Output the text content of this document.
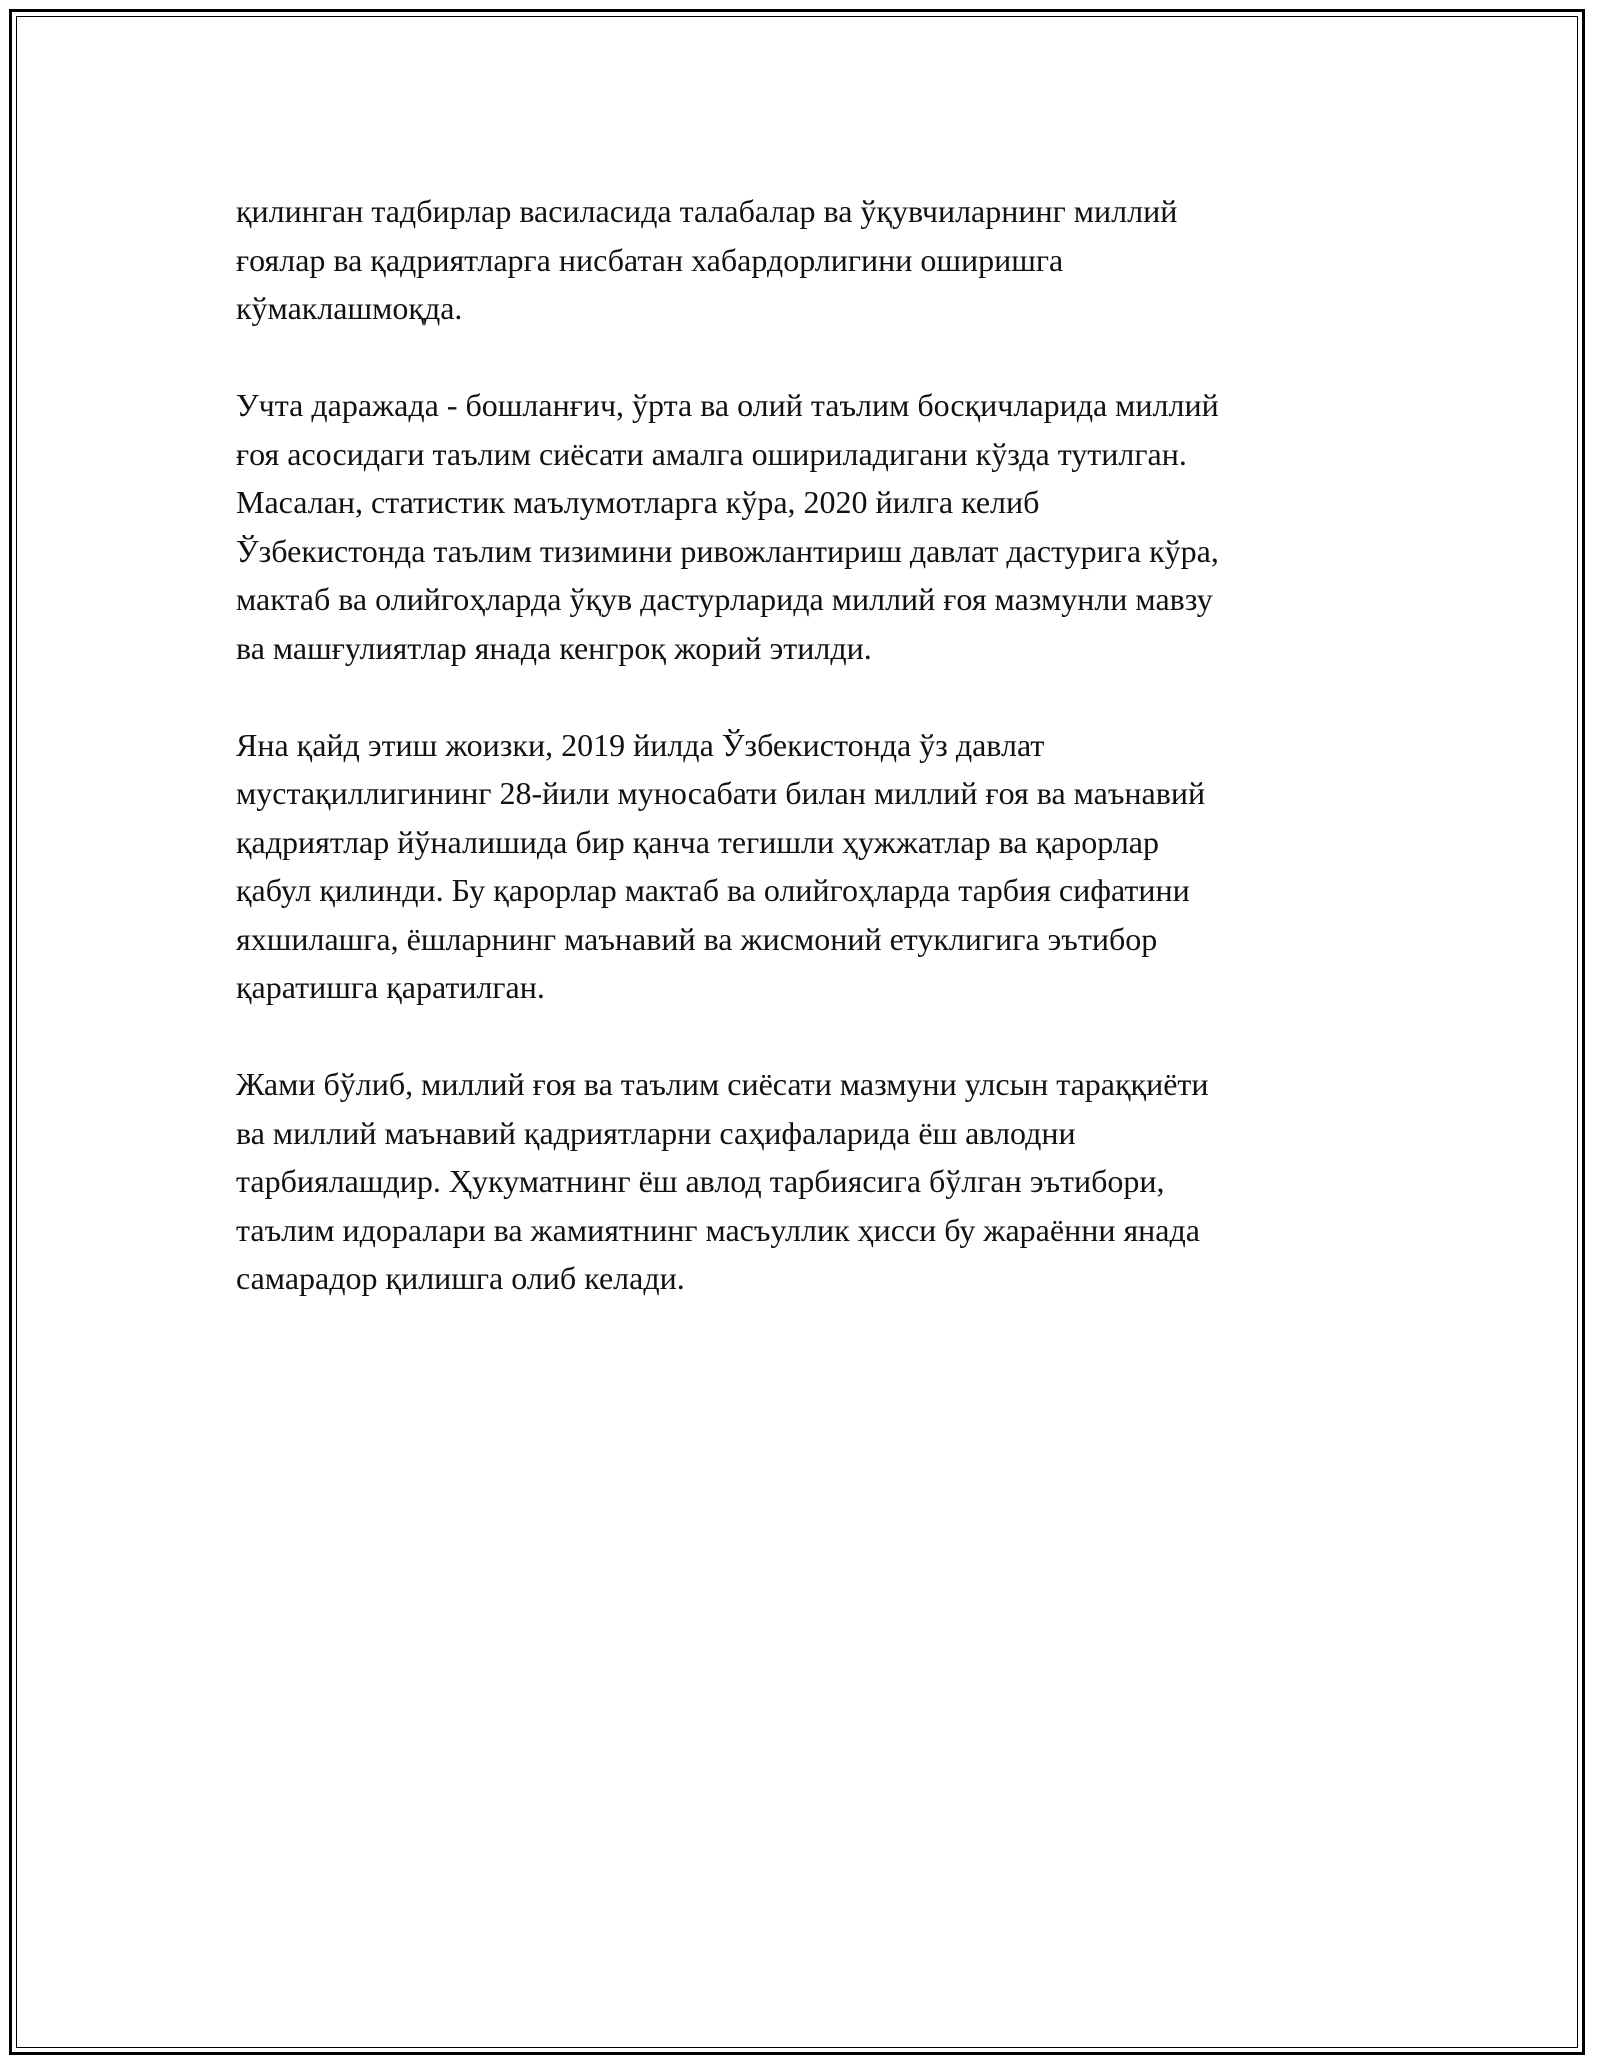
қилинган тадбирлар василасида талабалар ва ўқувчиларнинг миллий
ғоялар ва қадриятларга нисбатан хабардорлигини оширишга
кўмаклашмоқда.

Учта даражада - бошланғич, ўрта ва олий таълим босқичларида миллий
ғоя асосидаги таълим сиёсати амалга ошириладигани кўзда тутилган.
Масалан, статистик маълумотларга кўра, 2020 йилга келиб
Ўзбекистонда таълим тизимини ривожлантириш давлат дастурига кўра,
мактаб ва олийгоҳларда ўқув дастурларида миллий ғоя мазмунли мавзу
ва машғулиятлар янада кенгроқ жорий этилди.

Яна қайд этиш жоизки, 2019 йилда Ўзбекистонда ўз давлат
мустақиллигининг 28-йили муносабати билан миллий ғоя ва маънавий
қадриятлар йўналишида бир қанча тегишли ҳужжатлар ва қарорлар
қабул қилинди. Бу қарорлар мактаб ва олийгоҳларда тарбия сифатини
яхшилашга, ёшларнинг маънавий ва жисмоний етуклигига эътибор
қаратишга қаратилган.

Жами бўлиб, миллий ғоя ва таълим сиёсати мазмуни улсын тараққиёти
ва миллий маънавий қадриятларни саҳифаларида ёш авлодни
тарбиялашдир. Ҳукуматнинг ёш авлод тарбиясига бўлган эътибори,
таълим идоралари ва жамиятнинг масъуллик ҳисси бу жараённи янада
самарадор қилишга олиб келади.
